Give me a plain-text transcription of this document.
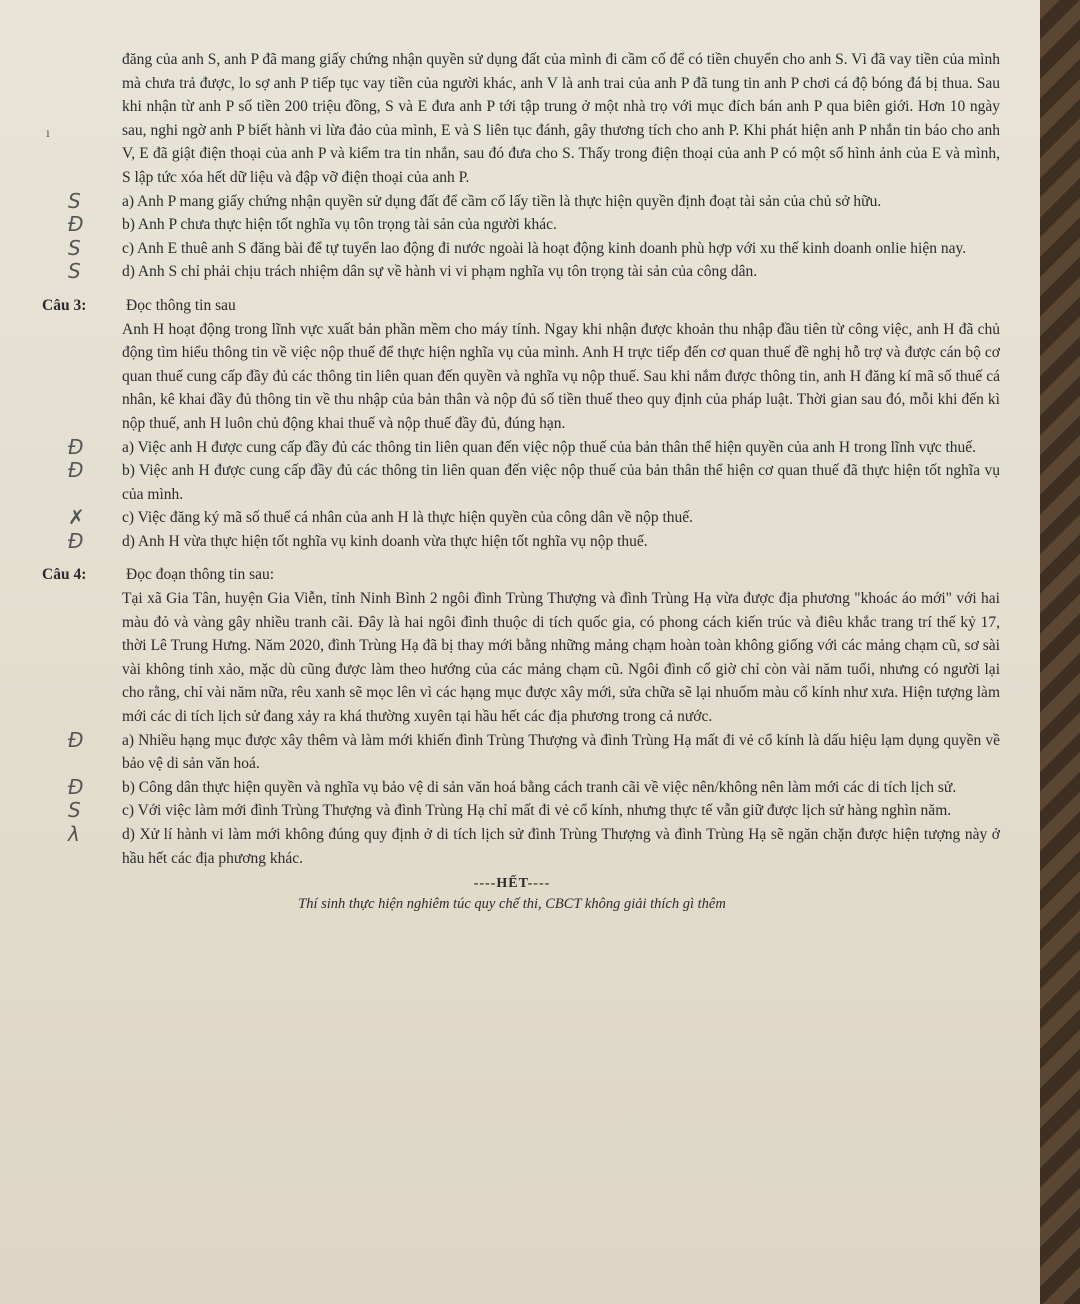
ı

đăng của anh S, anh P đã mang giấy chứng nhận quyền sử dụng đất của mình đi cầm cố để có tiền chuyển cho anh S. Vì đã vay tiền của mình mà chưa trả được, lo sợ anh P tiếp tục vay tiền của người khác, anh V là anh trai của anh P đã tung tin anh P chơi cá độ bóng đá bị thua. Sau khi nhận từ anh P số tiền 200 triệu đồng, S và E đưa anh P tới tập trung ở một nhà trọ với mục đích bán anh P qua biên giới. Hơn 10 ngày sau, nghi ngờ anh P biết hành vi lừa đảo của mình, E và S liên tục đánh, gây thương tích cho anh P. Khi phát hiện anh P nhắn tin báo cho anh V, E đã giật điện thoại của anh P và kiểm tra tin nhắn, sau đó đưa cho S. Thấy trong điện thoại của anh P có một số hình ảnh của E và mình, S lập tức xóa hết dữ liệu và đập vỡ điện thoại của anh P.

S	a) Anh P mang giấy chứng nhận quyền sử dụng đất để cầm cố lấy tiền là thực hiện quyền định đoạt tài sản của chủ sở hữu.
Đ b) Anh P chưa thực hiện tốt nghĩa vụ tôn trọng tài sản của người khác.
S	c) Anh E thuê anh S đăng bài để tự tuyển lao động đi nước ngoài là hoạt động kinh doanh phù hợp với xu thế kinh doanh onlie hiện nay.
S	d) Anh S chỉ phải chịu trách nhiệm dân sự về hành vi vi phạm nghĩa vụ tôn trọng tài sản của công dân.
Câu 3:	Đọc thông tin sau
Anh H hoạt động trong lĩnh vực xuất bản phần mềm cho máy tính. Ngay khi nhận được khoản thu nhập đầu tiên từ công việc, anh H đã chủ động tìm hiểu thông tin về việc nộp thuế để thực hiện nghĩa vụ của mình. Anh H trực tiếp đến cơ quan thuế đề nghị hỗ trợ và được cán bộ cơ quan thuế cung cấp đầy đủ các thông tin liên quan đến quyền và nghĩa vụ nộp thuế. Sau khi nắm được thông tin, anh H đăng kí mã số thuế cá nhân, kê khai đầy đủ thông tin về thu nhập của bản thân và nộp đủ số tiền thuế theo quy định của pháp luật. Thời gian sau đó, mỗi khi đến kì nộp thuế, anh H luôn chủ động khai thuế và nộp thuế đầy đủ, đúng hạn.
Đ a) Việc anh H được cung cấp đầy đủ các thông tin liên quan đến việc nộp thuế của bản thân thể hiện quyền của anh H trong lĩnh vực thuế.
Đ b) Việc anh H được cung cấp đầy đủ các thông tin liên quan đến việc nộp thuế của bản thân thể hiện cơ quan thuế đã thực hiện tốt nghĩa vụ của mình.
✗ c) Việc đăng ký mã số thuế cá nhân của anh H là thực hiện quyền của công dân về nộp thuế.
Đ d) Anh H vừa thực hiện tốt nghĩa vụ kinh doanh vừa thực hiện tốt nghĩa vụ nộp thuế.
Câu 4:	Đọc đoạn thông tin sau:
Tại xã Gia Tân, huyện Gia Viễn, tỉnh Ninh Bình 2 ngôi đình Trùng Thượng và đình Trùng Hạ vừa được địa phương "khoác áo mới" với hai màu đỏ và vàng gây nhiều tranh cãi. Đây là hai ngôi đình thuộc di tích quốc gia, có phong cách kiến trúc và điêu khắc trang trí thế kỷ 17, thời Lê Trung Hưng. Năm 2020, đình Trùng Hạ đã bị thay mới bằng những mảng chạm hoàn toàn không giống với các mảng chạm cũ, sơ sài vài không tinh xảo, mặc dù cũng được làm theo hướng của các mảng chạm cũ. Ngôi đình cổ giờ chỉ còn vài năm tuổi, nhưng có người lại cho rằng, chỉ vài năm nữa, rêu xanh sẽ mọc lên vì các hạng mục được xây mới, sửa chữa sẽ lại nhuốm màu cổ kính như xưa. Hiện tượng làm mới các di tích lịch sử đang xảy ra khá thường xuyên tại hầu hết các địa phương trong cả nước.
Đ a) Nhiều hạng mục được xây thêm và làm mới khiến đình Trùng Thượng và đình Trùng Hạ mất đi vẻ cổ kính là dấu hiệu lạm dụng quyền về bảo vệ di sản văn hoá.
Đ b) Công dân thực hiện quyền và nghĩa vụ bảo vệ di sản văn hoá bằng cách tranh cãi về việc nên/không nên làm mới các di tích lịch sử.
S	c) Với việc làm mới đình Trùng Thượng và đình Trùng Hạ chỉ mất đi vẻ cổ kính, nhưng thực tế vẫn giữ được lịch sử hàng nghìn năm.
λ	d) Xử lí hành vi làm mới không đúng quy định ở di tích lịch sử đình Trùng Thượng và đình Trùng Hạ sẽ ngăn chặn được hiện tượng này ở hầu hết các địa phương khác.
----HẾT----
Thí sinh thực hiện nghiêm túc quy chế thi, CBCT không giải thích gì thêm
